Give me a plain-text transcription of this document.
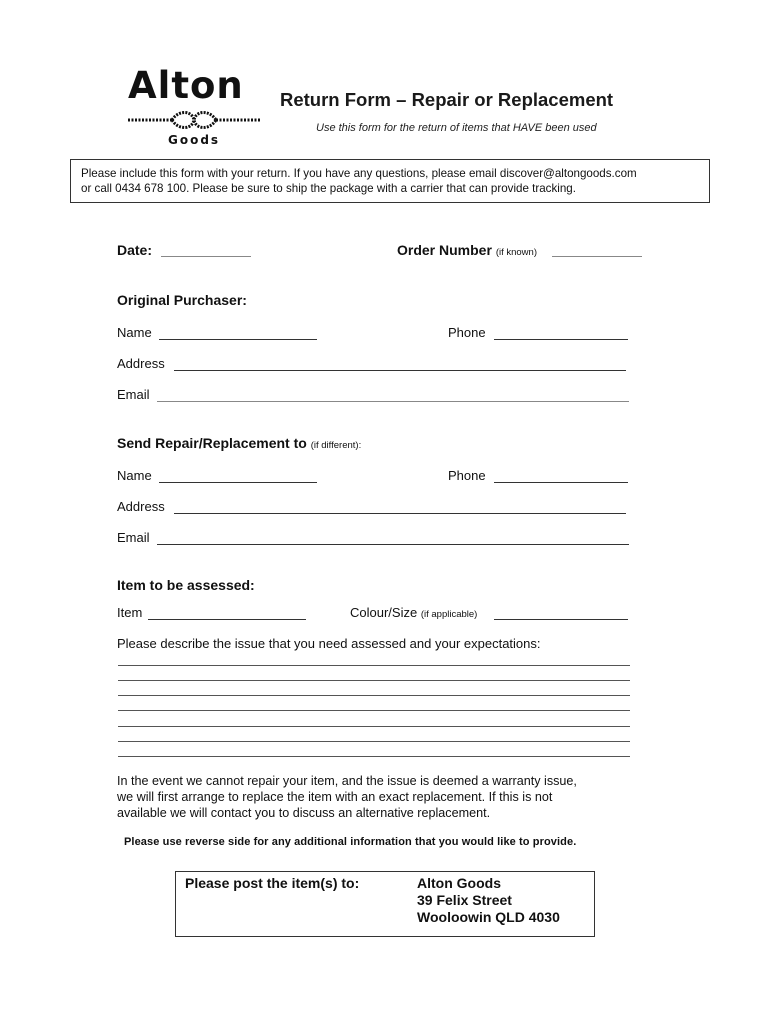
Alton
Goods
Return Form – Repair or Replacement
Use this form for the return of items that HAVE been used
Please include this form with your return. If you have any questions, please email discover@altongoods.com
or call 0434 678 100. Please be sure to ship the package with a carrier that can provide tracking.
Date:	Order Number (if known)
Original Purchaser:
Name	Phone
Address
Email
Send Repair/Replacement to (if different):
Name	Phone
Address
Email
Item to be assessed:
Item	Colour/Size (if applicable)
Please describe the issue that you need assessed and your expectations:
In the event we cannot repair your item, and the issue is deemed a warranty issue,
we will first arrange to replace the item with an exact replacement. If this is not
available we will contact you to discuss an alternative replacement.
Please use reverse side for any additional information that you would like to provide.
Please post the item(s) to:	Alton Goods
39 Felix Street
Wooloowin QLD 4030
